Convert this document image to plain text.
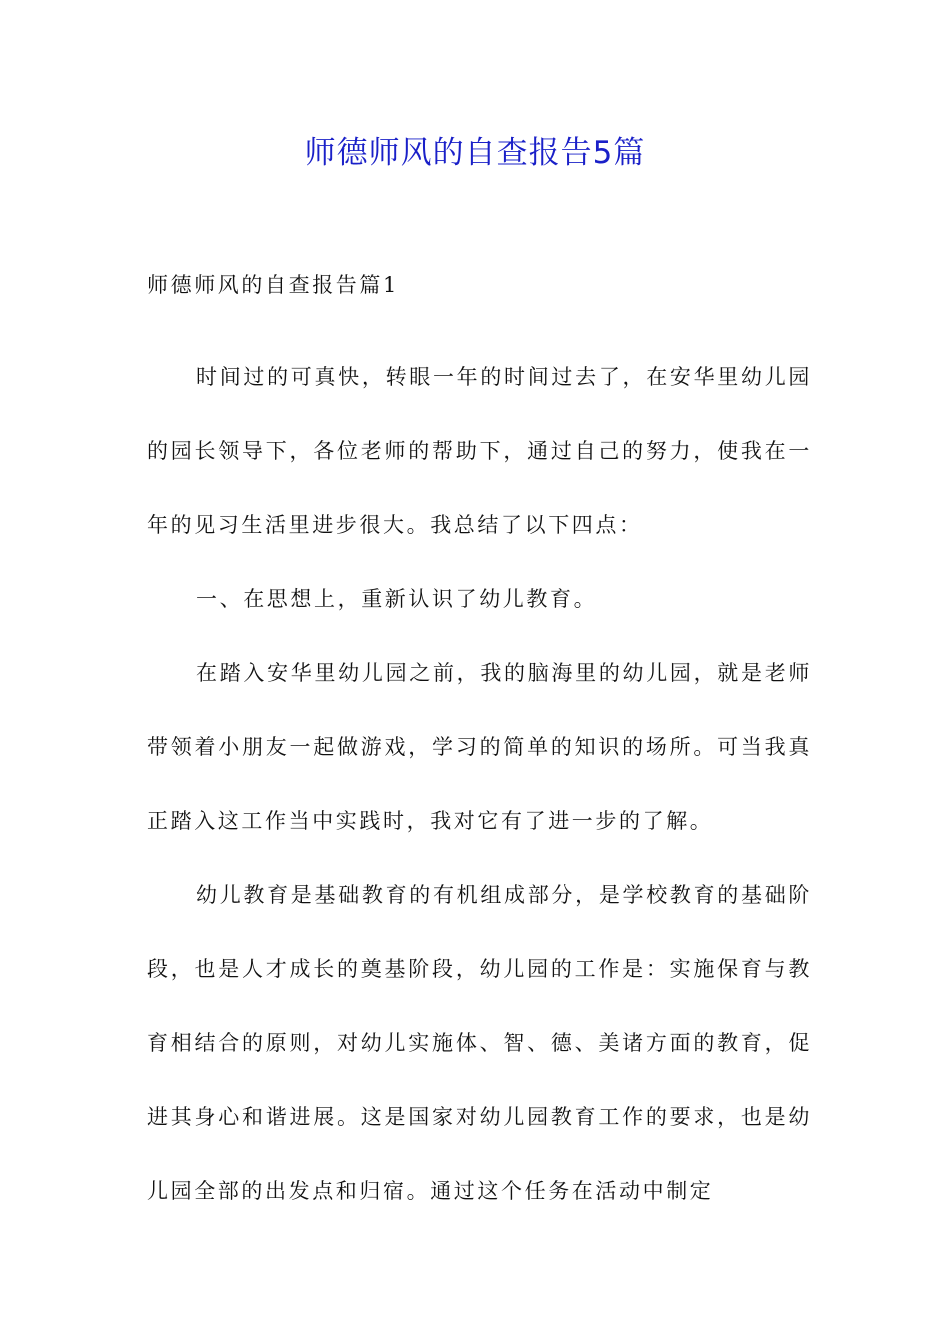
师德师风的自查报告5篇
师德师风的自查报告篇1

时间过的可真快，转眼一年的时间过去了，在安华里幼儿园的园长领导下，各位老师的帮助下，通过自己的努力，使我在一年的见习生活里进步很大。我总结了以下四点：

一、在思想上，重新认识了幼儿教育。

在踏入安华里幼儿园之前，我的脑海里的幼儿园，就是老师带领着小朋友一起做游戏，学习的简单的知识的场所。可当我真正踏入这工作当中实践时，我对它有了进一步的了解。

幼儿教育是基础教育的有机组成部分，是学校教育的基础阶段，也是人才成长的奠基阶段，幼儿园的工作是：实施保育与教育相结合的原则，对幼儿实施体、智、德、美诸方面的教育，促进其身心和谐进展。这是国家对幼儿园教育工作的要求，也是幼儿园全部的出发点和归宿。通过这个任务在活动中制定
